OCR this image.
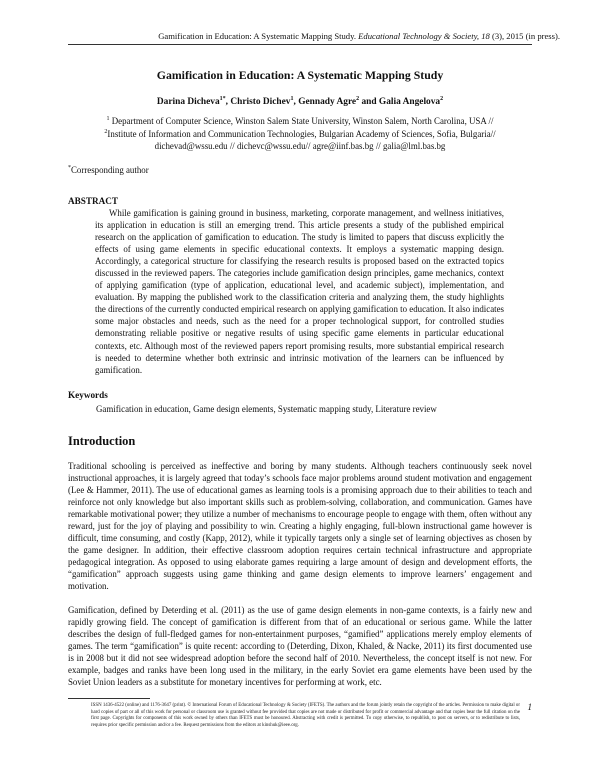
Gamification in Education: A Systematic Mapping Study. Educational Technology & Society, 18 (3), 2015 (in press).
Gamification in Education: A Systematic Mapping Study
Darina Dicheva$^{1*}$, Christo Dichev$^1$, Gennady Agre$^2$ and Galia Angelova$^2$
$^1$ Department of Computer Science, Winston Salem State University, Winston Salem, North Carolina, USA //
$^2$Institute of Information and Communication Technologies, Bulgarian Academy of Sciences, Sofia, Bulgaria//
dichevad@wssu.edu // dichevc@wssu.edu// agre@iinf.bas.bg // galia@lml.bas.bg
*Corresponding author
ABSTRACT

While gamification is gaining ground in business, marketing, corporate management, and wellness initiatives, its application in education is still an emerging trend. This article presents a study of the published empirical research on the application of gamification to education. The study is limited to papers that discuss explicitly the effects of using game elements in specific educational contexts. It employs a systematic mapping design. Accordingly, a categorical structure for classifying the research results is proposed based on the extracted topics discussed in the reviewed papers. The categories include gamification design principles, game mechanics, context of applying gamification (type of application, educational level, and academic subject), implementation, and evaluation. By mapping the published work to the classification criteria and analyzing them, the study highlights the directions of the currently conducted empirical research on applying gamification to education. It also indicates some major obstacles and needs, such as the need for a proper technological support, for controlled studies demonstrating reliable positive or negative results of using specific game elements in particular educational contexts, etc. Although most of the reviewed papers report promising results, more substantial empirical research is needed to determine whether both extrinsic and intrinsic motivation of the learners can be influenced by gamification.

Keywords
Gamification in education, Game design elements, Systematic mapping study, Literature review
Introduction

Traditional schooling is perceived as ineffective and boring by many students. Although teachers continuously seek novel instructional approaches, it is largely agreed that today’s schools face major problems around student motivation and engagement (Lee & Hammer, 2011). The use of educational games as learning tools is a promising approach due to their abilities to teach and reinforce not only knowledge but also important skills such as problem-solving, collaboration, and communication. Games have remarkable motivational power; they utilize a number of mechanisms to encourage people to engage with them, often without any reward, just for the joy of playing and possibility to win. Creating a highly engaging, full-blown instructional game however is difficult, time consuming, and costly (Kapp, 2012), while it typically targets only a single set of learning objectives as chosen by the game designer. In addition, their effective classroom adoption requires certain technical infrastructure and appropriate pedagogical integration. As opposed to using elaborate games requiring a large amount of design and development efforts, the “gamification” approach suggests using game thinking and game design elements to improve learners’ engagement and motivation.

Gamification, defined by Deterding et al. (2011) as the use of game design elements in non-game contexts, is a fairly new and rapidly growing field. The concept of gamification is different from that of an educational or serious game. While the latter describes the design of full-fledged games for non-entertainment purposes, “gamified” applications merely employ elements of games. The term “gamification” is quite recent: according to (Deterding, Dixon, Khaled, & Nacke, 2011) its first documented use is in 2008 but it did not see widespread adoption before the second half of 2010. Nevertheless, the concept itself is not new. For example, badges and ranks have been long used in the military, in the early Soviet era game elements have been used by the Soviet Union leaders as a substitute for monetary incentives for performing at work, etc.

ISSN 1436-4522 (online) and 1176-3647 (print). © International Forum of Educational Technology & Society (IFETS). The authors and the forum jointly retain the copyright of the articles. Permission to make digital or hard copies of part or all of this work for personal or classroom use is granted without fee provided that copies are not made or distributed for profit or commercial advantage and that copies bear the full citation on the first page. Copyrights for components of this work owned by others than IFETS must be honoured. Abstracting with credit is permitted. To copy otherwise, to republish, to post on servers, or to redistribute to lists, requires prior specific permission and/or a fee. Request permissions from the editors at kinshuk@ieee.org.

1
